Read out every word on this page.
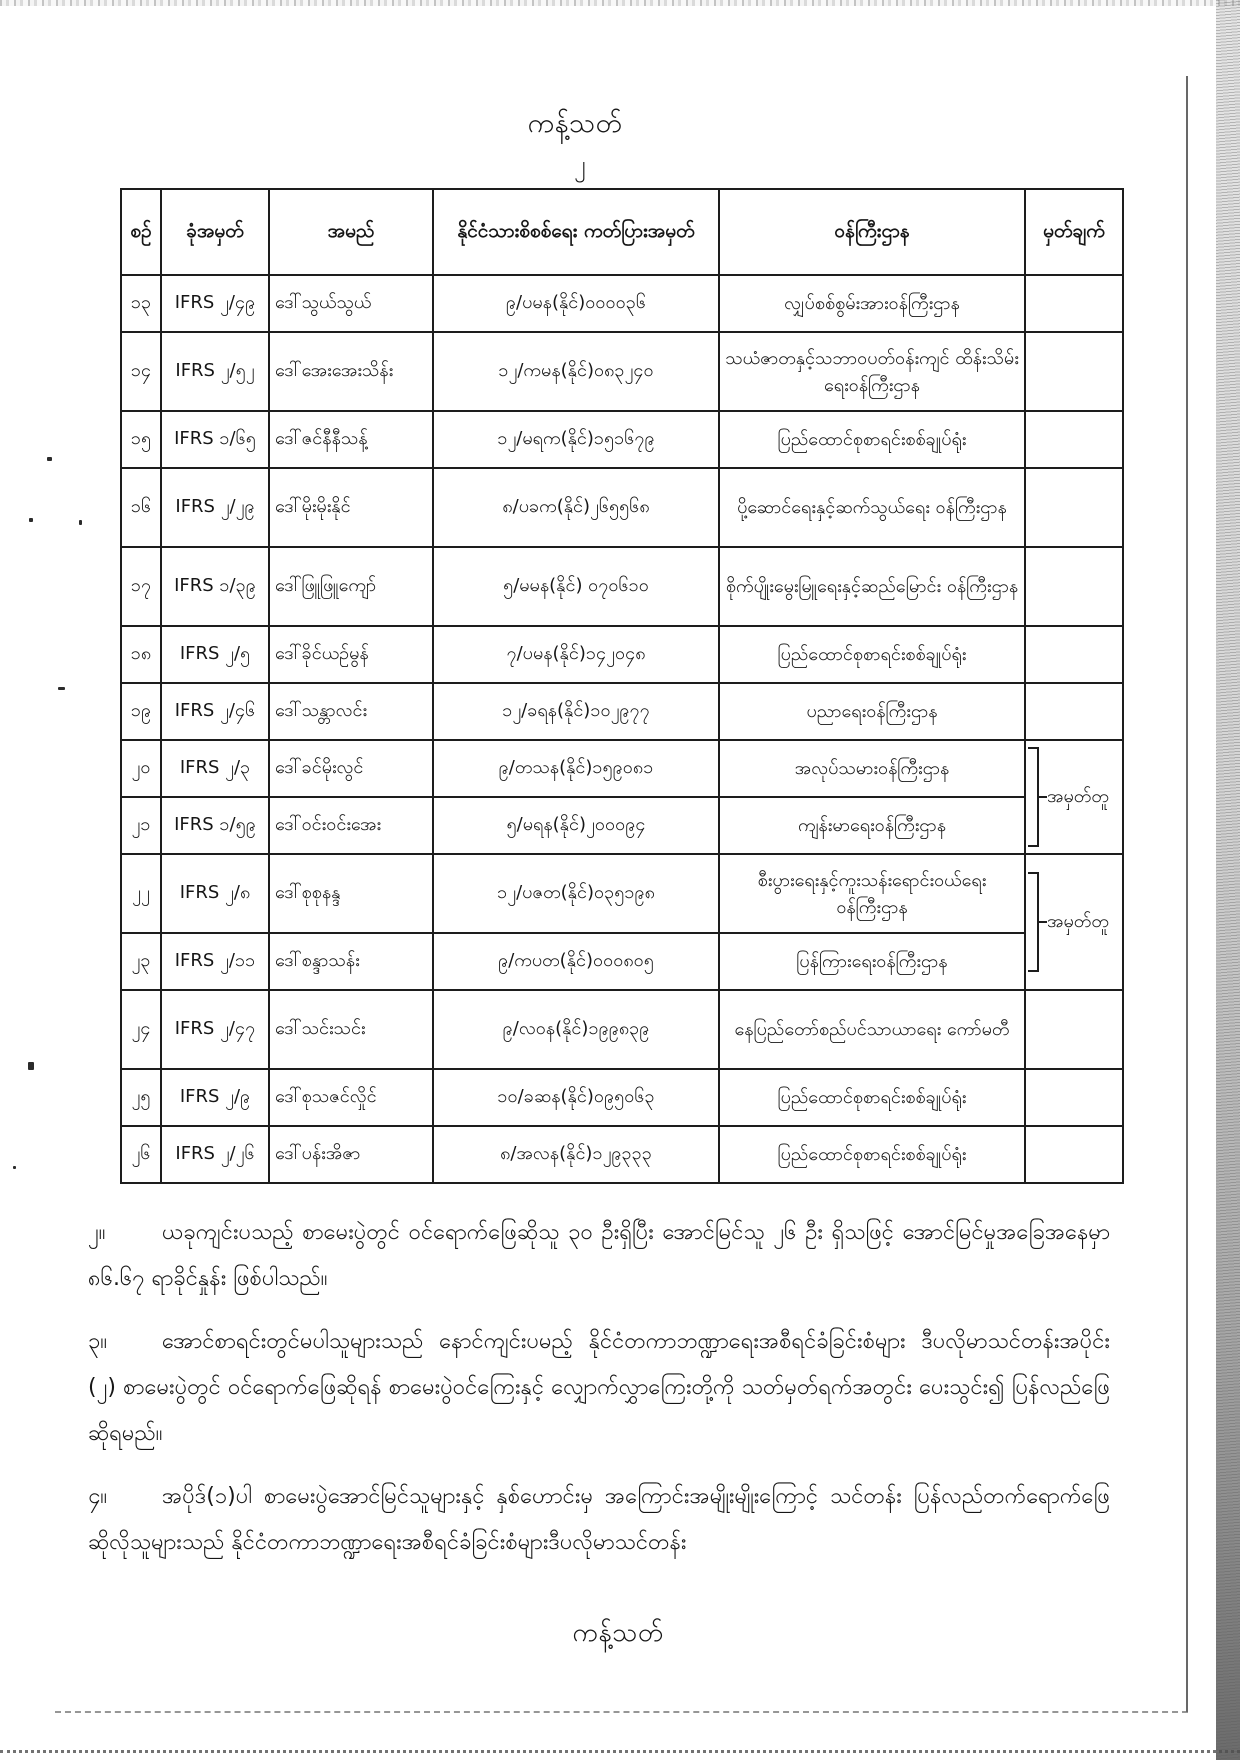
ကန့်သတ်
၂
စဉ်	ခုံအမှတ်	အမည်	နိုင်ငံသားစိစစ်ရေး ကတ်ပြားအမှတ်	ဝန်ကြီးဌာန	မှတ်ချက်
၁၃	IFRS ၂/၄၉	ဒေါ်သွယ်သွယ်	၉/ပမန(နိုင်)၀၀၀၀၃၆	လျှပ်စစ်စွမ်းအားဝန်ကြီးဌာန	
၁၄	IFRS ၂/၅၂	ဒေါ်အေးအေးသိန်း	၁၂/ကမန(နိုင်)၀၈၃၂၄၀	သယံဇာတနှင့်သဘာဝပတ်ဝန်းကျင် ထိန်းသိမ်းရေးဝန်ကြီးဌာန	
၁၅	IFRS ၁/၆၅	ဒေါ်ဇင်နီနီသန့်	၁၂/မရက(နိုင်)၁၅၁၆၇၉	ပြည်ထောင်စုစာရင်းစစ်ချုပ်ရုံး	
၁၆	IFRS ၂/၂၉	ဒေါ်မိုးမိုးနိုင်	၈/ပခက(နိုင်)၂၆၅၅၆၈	ပို့ဆောင်ရေးနှင့်ဆက်သွယ်ရေး ဝန်ကြီးဌာန	
၁၇	IFRS ၁/၃၉	ဒေါ်ဖြူဖြူကျော်	၅/မမန(နိုင်) ၀၇၀၆၁၀	စိုက်ပျိုးမွေးမြူရေးနှင့်ဆည်မြောင်း ဝန်ကြီးဌာန	
၁၈	IFRS ၂/၅	ဒေါ်ခိုင်ယဉ်မွန်	၇/ပမန(နိုင်)၁၄၂၀၄၈	ပြည်ထောင်စုစာရင်းစစ်ချုပ်ရုံး	
၁၉	IFRS ၂/၄၆	ဒေါ်သန္တာလင်း	၁၂/ခရန(နိုင်)၁၀၂၉၇၇	ပညာရေးဝန်ကြီးဌာန	
၂၀	IFRS ၂/၃	ဒေါ်ခင်မိုးလွင်	၉/တသန(နိုင်)၁၅၉၀၈၁	အလုပ်သမားဝန်ကြီးဌာန	အမှတ်တူ

၂၁	IFRS ၁/၅၉	ဒေါ်ဝင်းဝင်းအေး	၅/မရန(နိုင်)၂၀၀၀၉၄	ကျန်းမာရေးဝန်ကြီးဌာန	
၂၂	IFRS ၂/၈	ဒေါ်စုစုနန္ဒ	၁၂/ပဇတ(နိုင်)၀၃၅၁၉၈	စီးပွားရေးနှင့်ကူးသန်းရောင်းဝယ်ရေး ဝန်ကြီးဌာန	အမှတ်တူ

၂၃	IFRS ၂/၁၁	ဒေါ်စန္ဒာသန်း	၉/ကပတ(နိုင်)၀၀၀၈၀၅	ပြန်ကြားရေးဝန်ကြီးဌာန	
၂၄	IFRS ၂/၄၇	ဒေါ်သင်းသင်း	၉/လဝန(နိုင်)၁၉၉၈၃၉	နေပြည်တော်စည်ပင်သာယာရေး ကော်မတီ	
၂၅	IFRS ၂/၉	ဒေါ်စုသဇင်လှိုင်	၁၀/ခဆန(နိုင်)၀၉၅၀၆၃	ပြည်ထောင်စုစာရင်းစစ်ချုပ်ရုံး	
၂၆	IFRS ၂/၂၆	ဒေါ်ပန်းအိဇာ	၈/အလန(နိုင်)၁၂၉၃၃၃	ပြည်ထောင်စုစာရင်းစစ်ချုပ်ရုံး	

၂။	ယခုကျင်းပသည့် စာမေးပွဲတွင် ဝင်ရောက်ဖြေဆိုသူ ၃၀ ဦးရှိပြီး အောင်မြင်သူ ၂၆ ဦး ရှိသဖြင့် အောင်မြင်မှုအခြေအနေမှာ ၈၆.၆၇ ရာခိုင်နှုန်း ဖြစ်ပါသည်။

၃။ အောင်စာရင်းတွင်မပါသူများသည် နောင်ကျင်းပမည့် နိုင်ငံတကာဘဏ္ဍာရေးအစီရင်ခံခြင်းစံများ ဒီပလိုမာသင်တန်းအပိုင်း (၂) စာမေးပွဲတွင် ဝင်ရောက်ဖြေဆိုရန် စာမေးပွဲဝင်ကြေးနှင့် လျှောက်လွှာကြေးတို့ကို သတ်မှတ်ရက်အတွင်း ပေးသွင်း၍ ပြန်လည်ဖြေဆိုရမည်။

၄။ အပိုဒ်(၁)ပါ စာမေးပွဲအောင်မြင်သူများနှင့် နှစ်ဟောင်းမှ အကြောင်းအမျိုးမျိုးကြောင့် သင်တန်း ပြန်လည်တက်ရောက်ဖြေဆိုလိုသူများသည် နိုင်ငံတကာဘဏ္ဍာရေးအစီရင်ခံခြင်းစံများဒီပလိုမာသင်တန်း

ကန့်သတ်
